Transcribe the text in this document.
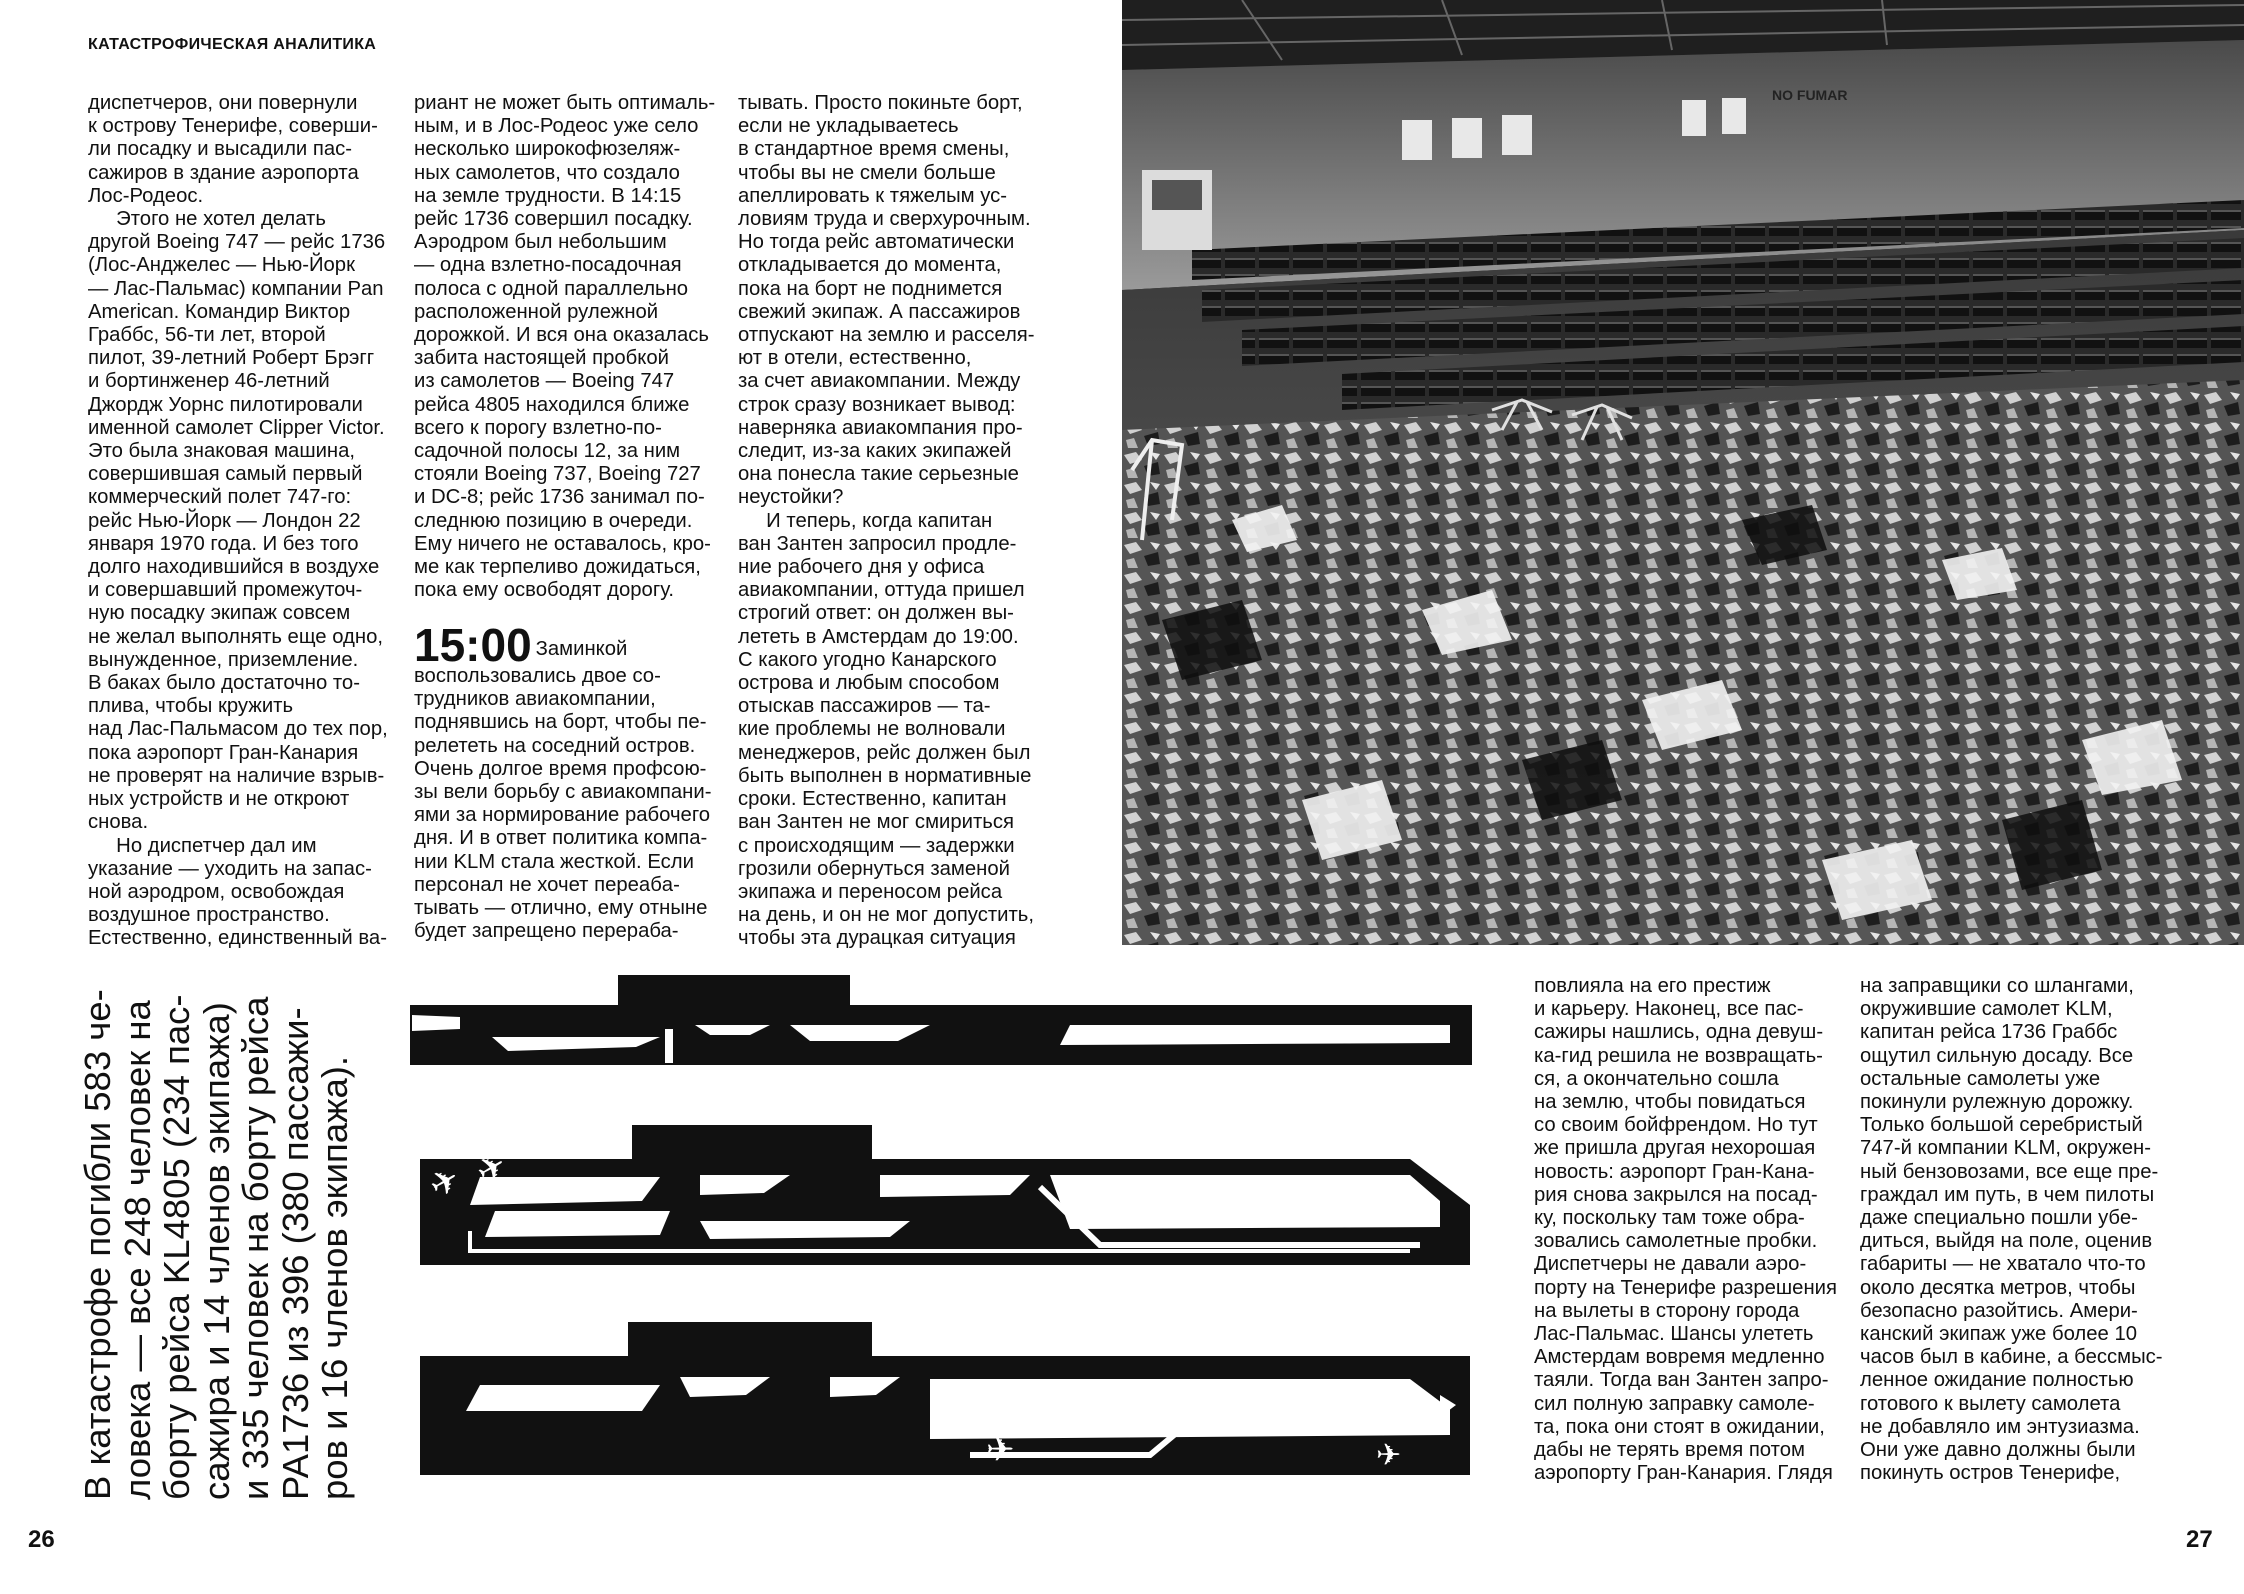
КАТАСТРОФИЧЕСКАЯ АНАЛИТИКА

диспетчеров, они повернули

к острову Тенерифе, соверши-

ли посадку и высадили пас-

сажиров в здание аэропорта

Лос-Родеос.

Этого не хотел делать

другой Boeing 747 — рейс 1736

(Лос-Анджелес — Нью-Йорк

— Лас-Пальмас) компании Pan

American. Командир Виктор

Граббс, 56-ти лет, второй

пилот, 39-летний Роберт Брэгг

и бортинженер 46-летний

Джордж Уорнс пилотировали

именной самолет Clipper Victor.

Это была знаковая машина,

совершившая самый первый

коммерческий полет 747-го:

рейс Нью-Йорк — Лондон 22

января 1970 года. И без того

долго находившийся в воздухе

и совершавший промежуточ-

ную посадку экипаж совсем

не желал выполнять еще одно,

вынужденное, приземление.

В баках было достаточно то-

плива, чтобы кружить

над Лас-Пальмасом до тех пор,

пока аэропорт Гран-Канария

не проверят на наличие взрыв-

ных устройств и не откроют

снова.

Но диспетчер дал им

указание — уходить на запас-

ной аэродром, освобождая

воздушное пространство.

Естественно, единственный ва-

риант не может быть оптималь-

ным, и в Лос-Родеос уже село

несколько широкофюзеляж-

ных самолетов, что создало

на земле трудности. В 14:15

рейс 1736 совершил посадку.

Аэродром был небольшим

— одна взлетно-посадочная

полоса с одной параллельно

расположенной рулежной

дорожкой. И вся она оказалась

забита настоящей пробкой

из самолетов — Boeing 747

рейса 4805 находился ближе

всего к порогу взлетно-по-

садочной полосы 12, за ним

стояли Boeing 737, Boeing 727

и DC-8; рейс 1736 занимал по-

следнюю позицию в очереди.

Ему ничего не оставалось, кро-

ме как терпеливо дожидаться,

пока ему освободят дорогу.

15:00 Заминкой

воспользовались двое со-

трудников авиакомпании,

поднявшись на борт, чтобы пе-

релететь на соседний остров.

Очень долгое время профсою-

зы вели борьбу с авиакомпани-

ями за нормирование рабочего

дня. И в ответ политика компа-

нии KLM стала жесткой. Если

персонал не хочет переабa-

тывать — отлично, ему отныне

будет запрещено перераба-

тывать. Просто покиньте борт,

если не укладываетесь

в стандартное время смены,

чтобы вы не смели больше

апеллировать к тяжелым ус-

ловиям труда и сверхурочным.

Но тогда рейс автоматически

откладывается до момента,

пока на борт не поднимется

свежий экипаж. А пассажиров

отпускают на землю и расселя-

ют в отели, естественно,

за счет авиакомпании. Между

строк сразу возникает вывод:

наверняка авиакомпания про-

следит, из-за каких экипажей

она понесла такие серьезные

неустойки?

И теперь, когда капитан

ван Зантен запросил продле-

ние рабочего дня у офиса

авиакомпании, оттуда пришел

строгий ответ: он должен вы-

лететь в Амстердам до 19:00.

С какого угодно Канарского

острова и любым способом

отыскав пассажиров — та-

кие проблемы не волновали

менеджеров, рейс должен был

быть выполнен в нормативные

сроки. Естественно, капитан

ван Зантен не мог смириться

с происходящим — задержки

грозили обернуться заменой

экипажа и переносом рейса

на день, и он не мог допустить,

чтобы эта дурацкая ситуация

повлияла на его престиж

и карьеру. Наконец, все пас-

сажиры нашлись, одна девуш-

ка-гид решила не возвращать-

ся, а окончательно сошла

на землю, чтобы повидаться

со своим бойфрендом. Но тут

же пришла другая нехорошая

новость: аэропорт Гран-Кана-

рия снова закрылся на посад-

ку, поскольку там тоже обра-

зовались самолетные пробки.

Диспетчеры не давали аэро-

порту на Тенерифе разрешения

на вылеты в сторону города

Лас-Пальмас. Шансы улететь

Амстердам вовремя медленно

таяли. Тогда ван Зантен запро-

сил полную заправку самоле-

та, пока они стоят в ожидании,

дабы не терять время потом

аэропорту Гран-Канария. Глядя

на заправщики со шлангами,

окружившие самолет KLM,

капитан рейса 1736 Граббс

ощутил сильную досаду. Все

остальные самолеты уже

покинули рулежную дорожку.

Только большой серебристый

747-й компании KLM, окружен-

ный бензовозами, все еще пре-

граждал им путь, в чем пилоты

даже специально пошли убе-

диться, выйдя на поле, оценив

габариты — не хватало что-то

около десятка метров, чтобы

безопасно разойтись. Амери-

канский экипаж уже более 10

часов был в кабине, а бессмыс-

ленное ожидание полностью

готового к вылету самолета

не добавляло им энтузиазма.

Они уже давно должны были

покинуть остров Тенерифе,

NO FUMAR

В катастрофе погибли 583 че-

ловека — все 248 человек на

борту рейса KL4805 (234 пас-

сажира и 14 членов экипажа)

и 335 человек на борту рейса

PA1736 из 396 (380 пассажи-

ров и 16 членов экипажа). ✈ ✈
✈	✈
26	27
